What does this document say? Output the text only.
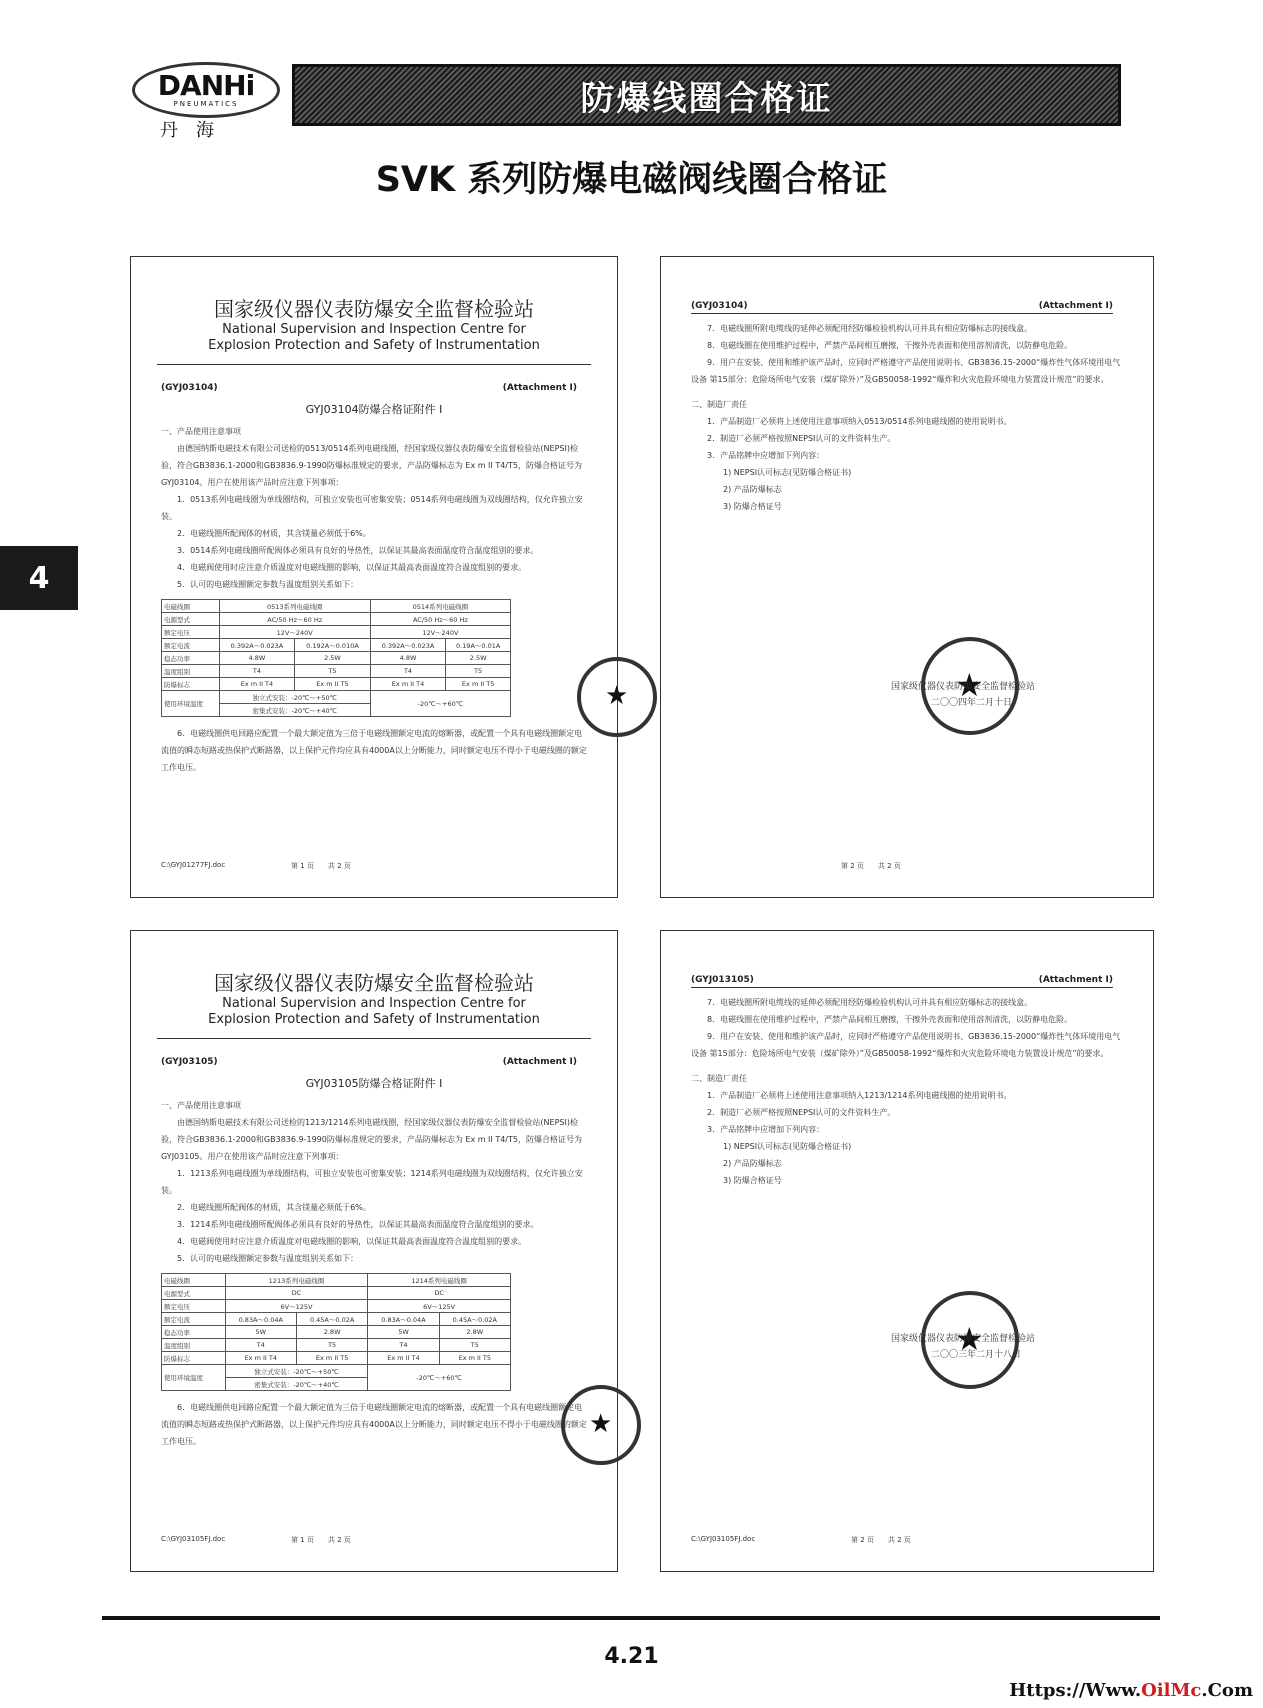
DANHi
PNEUMATICS
丹海
防爆线圈合格证
SVK 系列防爆电磁阀线圈合格证
4
国家级仪器仪表防爆安全监督检验站
National Supervision and Inspection Centre for
Explosion Protection and Safety of Instrumentation
(GYJ03104)	(Attachment I)
GYJ03104防爆合格证附件 I

一、产品使用注意事项

由德国纳斯电磁技术有限公司送检的0513/0514系列电磁线圈，经国家级仪器仪表防爆安全监督检验站(NEPSI)检验，符合GB3836.1-2000和GB3836.9-1990防爆标准规定的要求，产品防爆标志为 Ex m II T4/T5，防爆合格证号为GYJ03104。用户在使用该产品时应注意下列事项：

1．0513系列电磁线圈为单线圈结构，可独立安装也可密集安装；0514系列电磁线圈为双线圈结构，仅允许独立安装。

2．电磁线圈所配阀体的材质，其含镁量必须低于6%。

3．0514系列电磁线圈所配阀体必须具有良好的导热性，以保证其最高表面温度符合温度组别的要求。

4．电磁阀使用时应注意介质温度对电磁线圈的影响，以保证其最高表面温度符合温度组别的要求。

5．认可的电磁线圈额定参数与温度组别关系如下：

电磁线圈	0513系列电磁线圈		0514系列电磁线圈	
电源型式	AC/50 Hz～60 Hz		AC/50 Hz～60 Hz	
额定电压	12V～240V		12V～240V	
额定电流	0.392A～0.023A	0.192A～0.010A	0.392A～0.023A	0.19A～0.01A
稳态功率	4.8W	2.5W	4.8W	2.5W
温度组别	T4	T5	T4	T5
防爆标志	Ex m II T4	Ex m II T5	Ex m II T4	Ex m II T5
使用环境温度	独立式安装：-20℃～+50℃		-20℃～+60℃	
	密集式安装：-20℃～+40℃			

6．电磁线圈供电回路应配置一个最大额定值为三倍于电磁线圈额定电流的熔断器，或配置一个具有电磁线圈额定电流值的瞬态短路或热保护式断路器，以上保护元件均应具有4000A以上分断能力，同时额定电压不得小于电磁线圈的额定工作电压。

★
C:\GYJ01277FJ.doc	第 1 页　　共 2 页
(GYJ03104)	(Attachment I)

7．电磁线圈所附电缆线的延伸必须配用经防爆检验机构认可并具有相应防爆标志的接线盒。

8．电磁线圈在使用维护过程中，严禁产品间相互磨擦，干擦外壳表面和使用溶剂清洗，以防静电危险。

9．用户在安装、使用和维护该产品时，应同时严格遵守产品使用说明书、GB3836.15-2000“爆炸性气体环境用电气设备 第15部分：危险场所电气安装（煤矿除外）”及GB50058-1992“爆炸和火灾危险环境电力装置设计规范”的要求。

二、制造厂责任

1．产品制造厂必须将上述使用注意事项纳入0513/0514系列电磁线圈的使用说明书。

2．制造厂必须严格按照NEPSI认可的文件资料生产。

3．产品铭牌中应增加下列内容：

1) NEPSI认可标志(见防爆合格证书)

2) 产品防爆标志

3) 防爆合格证号

★
国家级仪器仪表防爆安全监督检验站
二〇〇四年二月十日
第 2 页　　共 2 页
国家级仪器仪表防爆安全监督检验站
National Supervision and Inspection Centre for
Explosion Protection and Safety of Instrumentation
(GYJ03105)	(Attachment I)
GYJ03105防爆合格证附件 I

一、产品使用注意事项

由德国纳斯电磁技术有限公司送检的1213/1214系列电磁线圈，经国家级仪器仪表防爆安全监督检验站(NEPSI)检验，符合GB3836.1-2000和GB3836.9-1990防爆标准规定的要求，产品防爆标志为 Ex m II T4/T5，防爆合格证号为GYJ03105。用户在使用该产品时应注意下列事项：

1．1213系列电磁线圈为单线圈结构，可独立安装也可密集安装；1214系列电磁线圈为双线圈结构，仅允许独立安装。

2．电磁线圈所配阀体的材质，其含镁量必须低于6%。

3．1214系列电磁线圈所配阀体必须具有良好的导热性，以保证其最高表面温度符合温度组别的要求。

4．电磁阀使用时应注意介质温度对电磁线圈的影响，以保证其最高表面温度符合温度组别的要求。

5．认可的电磁线圈额定参数与温度组别关系如下：

电磁线圈	1213系列电磁线圈		1214系列电磁线圈	
电源型式	DC		DC	
额定电压	6V～125V		6V～125V	
额定电流	0.83A～0.04A	0.45A～0.02A	0.83A～0.04A	0.45A～0.02A
稳态功率	5W	2.8W	5W	2.8W
温度组别	T4	T5	T4	T5
防爆标志	Ex m II T4	Ex m II T5	Ex m II T4	Ex m II T5
使用环境温度	独立式安装：-20℃～+50℃		-20℃～+60℃	
	密集式安装：-20℃～+40℃			

6．电磁线圈供电回路应配置一个最大额定值为三倍于电磁线圈额定电流的熔断器，或配置一个具有电磁线圈额定电流值的瞬态短路或热保护式断路器，以上保护元件均应具有4000A以上分断能力，同时额定电压不得小于电磁线圈的额定工作电压。

★
C:\GYJ03105FJ.doc	第 1 页　　共 2 页
(GYJ013105)	(Attachment I)

7．电磁线圈所附电缆线的延伸必须配用经防爆检验机构认可并具有相应防爆标志的接线盒。

8．电磁线圈在使用维护过程中，严禁产品间相互磨擦，干擦外壳表面和使用溶剂清洗，以防静电危险。

9．用户在安装、使用和维护该产品时，应同时严格遵守产品使用说明书、GB3836.15-2000“爆炸性气体环境用电气设备 第15部分：危险场所电气安装（煤矿除外）”及GB50058-1992“爆炸和火灾危险环境电力装置设计规范”的要求。

二、制造厂责任

1．产品制造厂必须将上述使用注意事项纳入1213/1214系列电磁线圈的使用说明书。

2．制造厂必须严格按照NEPSI认可的文件资料生产。

3．产品铭牌中应增加下列内容：

1) NEPSI认可标志(见防爆合格证书)

2) 产品防爆标志

3) 防爆合格证号

★
国家级仪器仪表防爆安全监督检验站
二〇〇三年二月十八日
C:\GYJ03105FJ.doc	第 2 页　　共 2 页
4.21
Https://Www.OilMc.Com
